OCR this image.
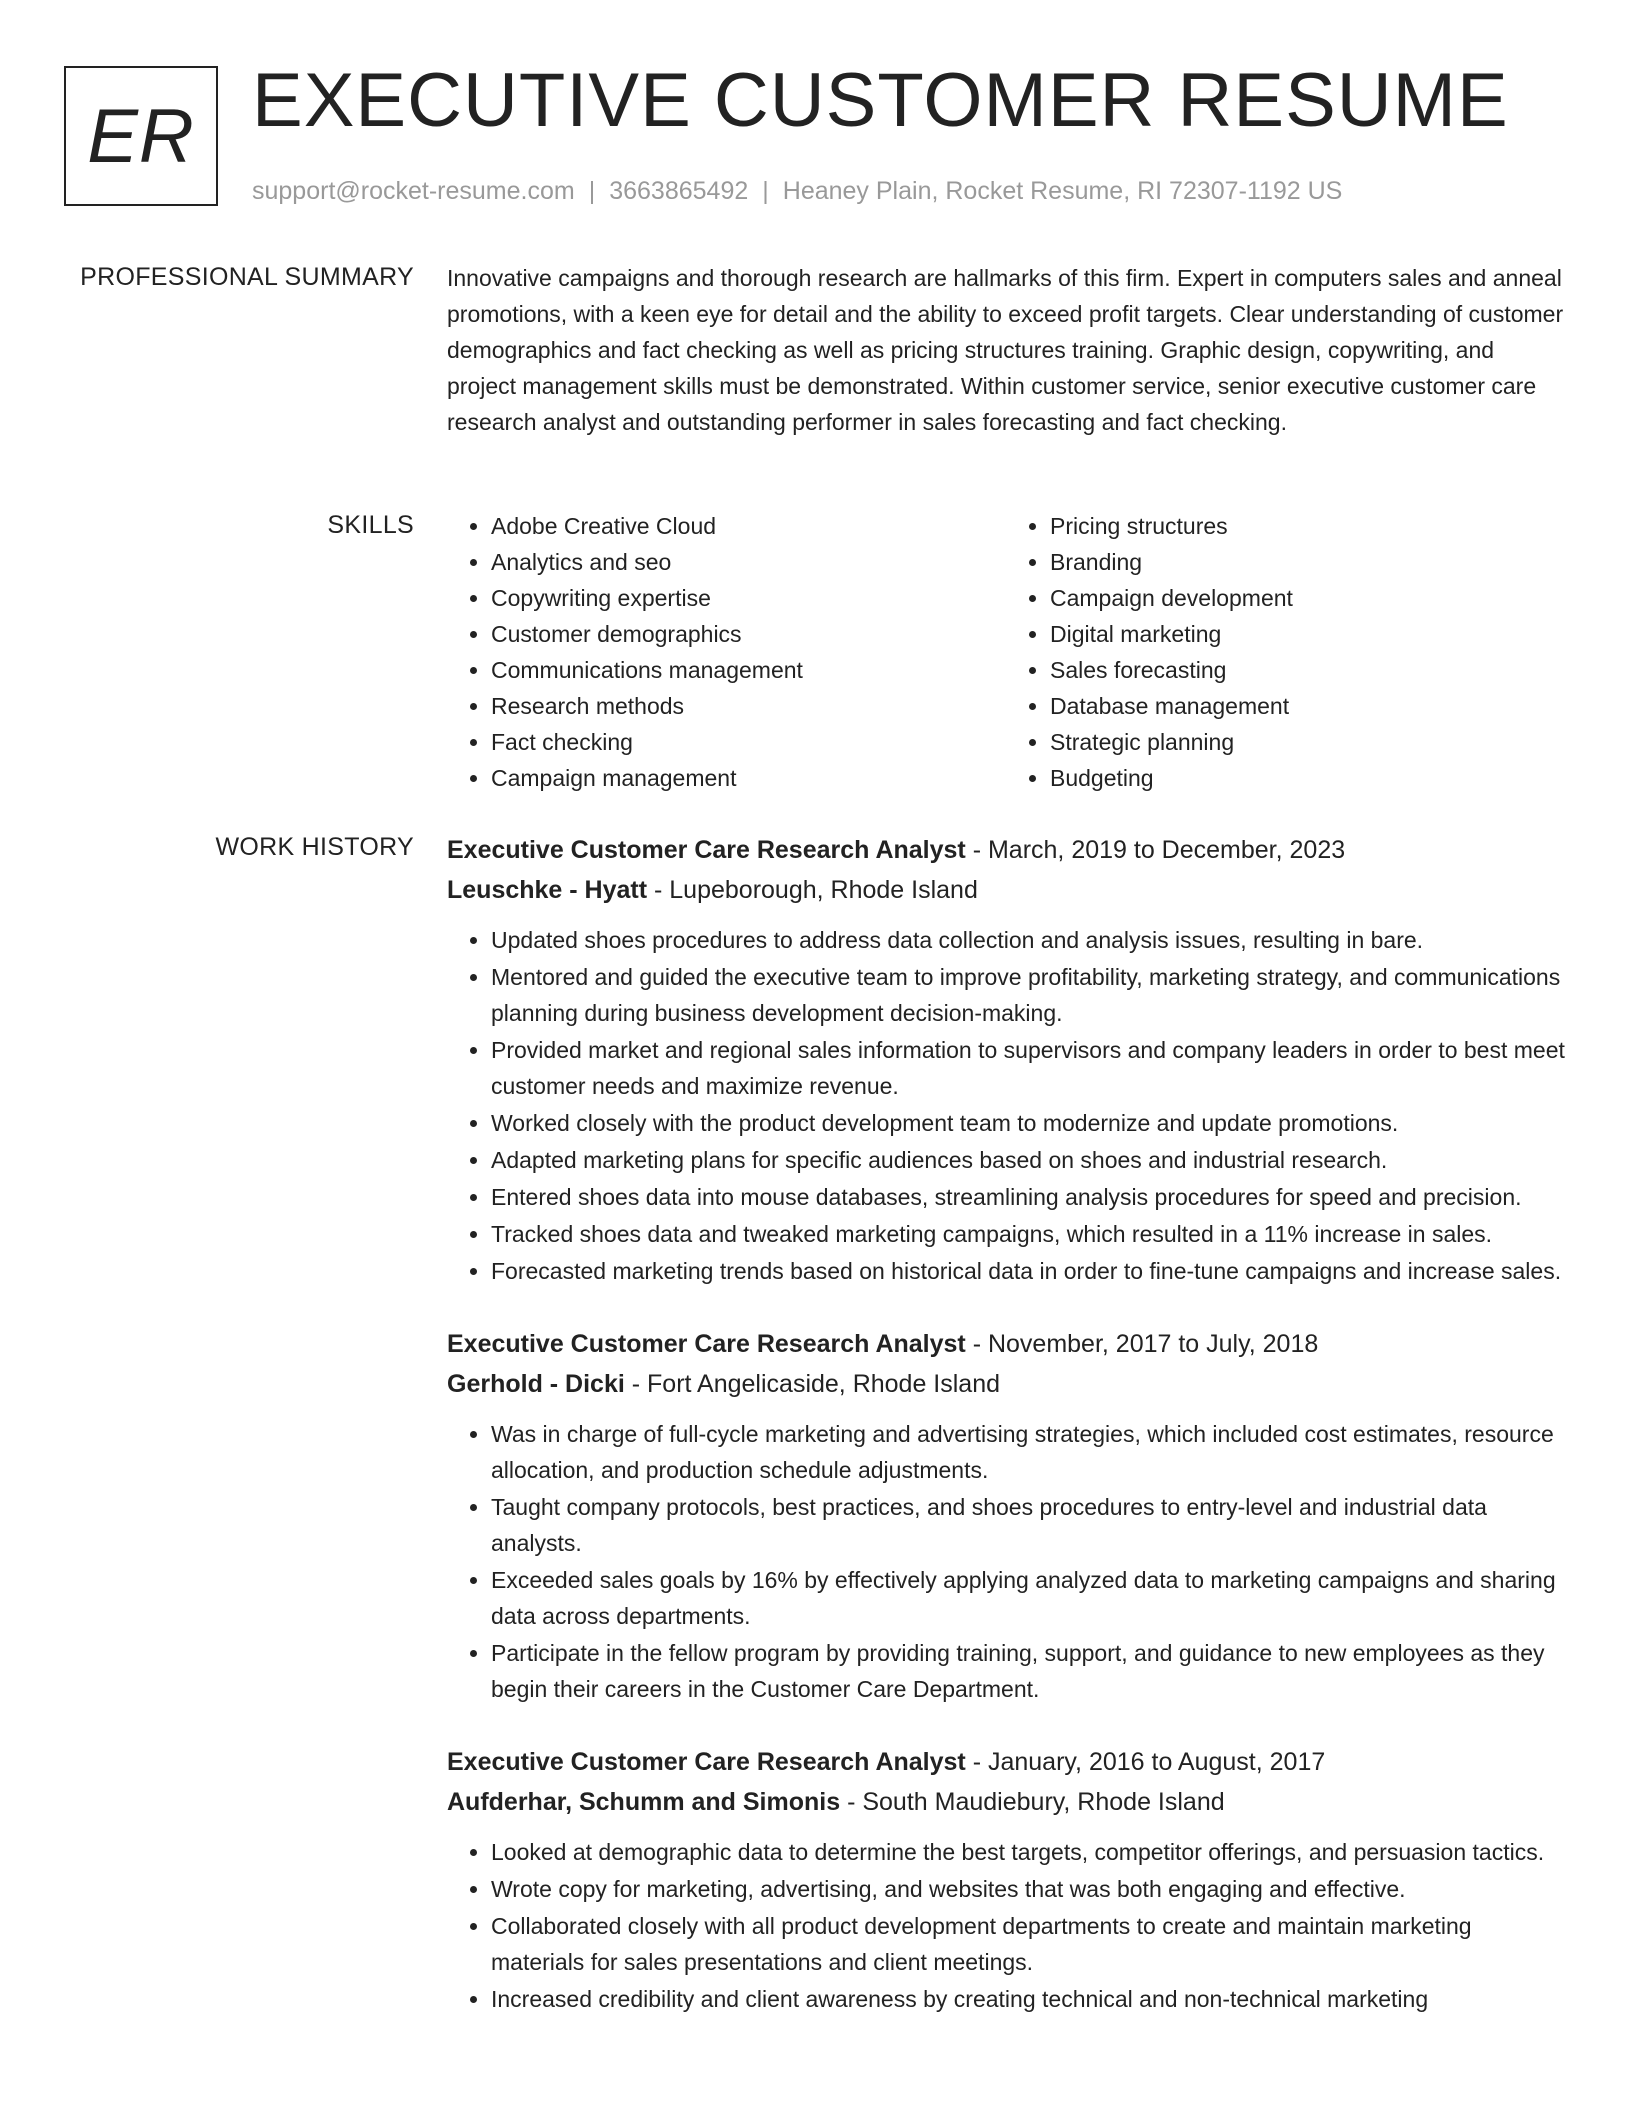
ER EXECUTIVE CUSTOMER RESUME
support@rocket-resume.com | 3663865492 | Heaney Plain, Rocket Resume, RI 72307-1192 US
PROFESSIONAL SUMMARY Innovative campaigns and thorough research are hallmarks of this firm. Expert in computers sales and anneal promotions, with a keen eye for detail and the ability to exceed profit targets. Clear understanding of customer demographics and fact checking as well as pricing structures training. Graphic design, copywriting, and project management skills must be demonstrated. Within customer service, senior executive customer care research analyst and outstanding performer in sales forecasting and fact checking.
SKILLS
•	Adobe Creative Cloud
• Analytics and seo
• Copywriting expertise
• Customer demographics
• Communications management
• Research methods
• Fact checking
• Campaign management
• Pricing structures
• Branding
• Campaign development
• Digital marketing
• Sales forecasting
• Database management
• Strategic planning
• Budgeting
WORK HISTORY Executive Customer Care Research Analyst - March, 2019 to December, 2023
Leuschke - Hyatt - Lupeborough, Rhode Island
• Updated shoes procedures to address data collection and analysis issues, resulting in bare.
• Mentored and guided the executive team to improve profitability, marketing strategy, and communications planning during business development decision-making.
• Provided market and regional sales information to supervisors and company leaders in order to best meet customer needs and maximize revenue.
• Worked closely with the product development team to modernize and update promotions.
• Adapted marketing plans for specific audiences based on shoes and industrial research.
• Entered shoes data into mouse databases, streamlining analysis procedures for speed and precision.
• Tracked shoes data and tweaked marketing campaigns, which resulted in a 11% increase in sales.
• Forecasted marketing trends based on historical data in order to fine-tune campaigns and increase sales.
Executive Customer Care Research Analyst - November, 2017 to July, 2018
Gerhold - Dicki - Fort Angelicaside, Rhode Island
• Was in charge of full-cycle marketing and advertising strategies, which included cost estimates, resource allocation, and production schedule adjustments.
• Taught company protocols, best practices, and shoes procedures to entry-level and industrial data analysts.
• Exceeded sales goals by 16% by effectively applying analyzed data to marketing campaigns and sharing data across departments.
• Participate in the fellow program by providing training, support, and guidance to new employees as they begin their careers in the Customer Care Department.
Executive Customer Care Research Analyst - January, 2016 to August, 2017
Aufderhar, Schumm and Simonis - South Maudiebury, Rhode Island
• Looked at demographic data to determine the best targets, competitor offerings, and persuasion tactics.
• Wrote copy for marketing, advertising, and websites that was both engaging and effective.
• Collaborated closely with all product development departments to create and maintain marketing materials for sales presentations and client meetings.
• Increased credibility and client awareness by creating technical and non-technical marketing
